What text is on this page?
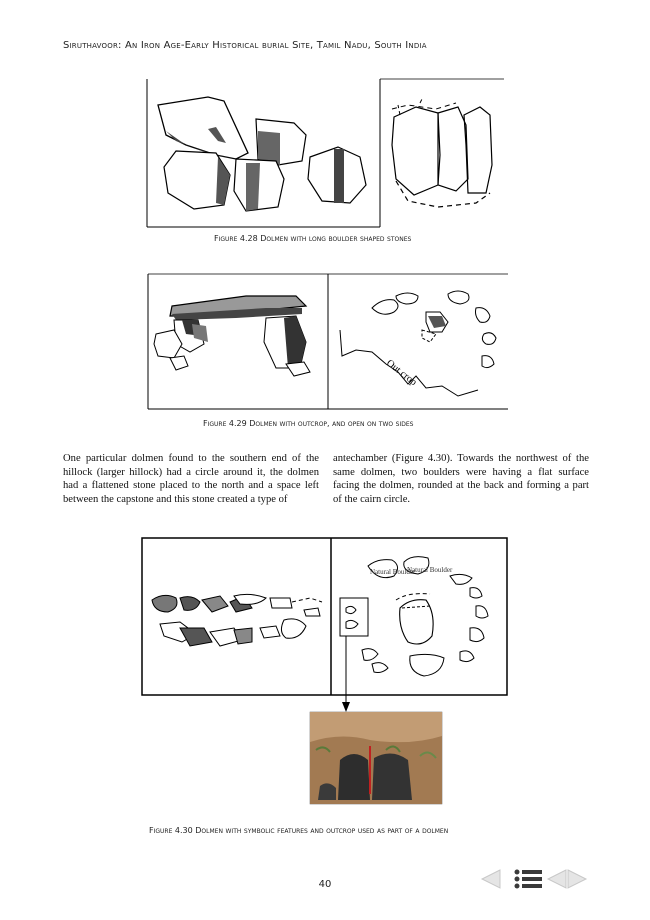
Siruthavoor: An Iron Age-Early Historical burial Site, Tamil Nadu, South India
Figure 4.28 Dolmen with long boulder shaped stones
Out crop
Figure 4.29 Dolmen with outcrop, and open on two sides
One particular dolmen found to the southern end of the hillock (larger hillock) had a circle around it, the dolmen had a flattened stone placed to the north and a space left between the capstone and this stone created a type of
antechamber (Figure 4.30). Towards the northwest of the same dolmen, two boulders were having a flat surface facing the dolmen, rounded at the back and forming a part of the cairn circle.
Natural Boulder
Natural Boulder
Figure 4.30 Dolmen with symbolic features and outcrop used as part of a dolmen
40
